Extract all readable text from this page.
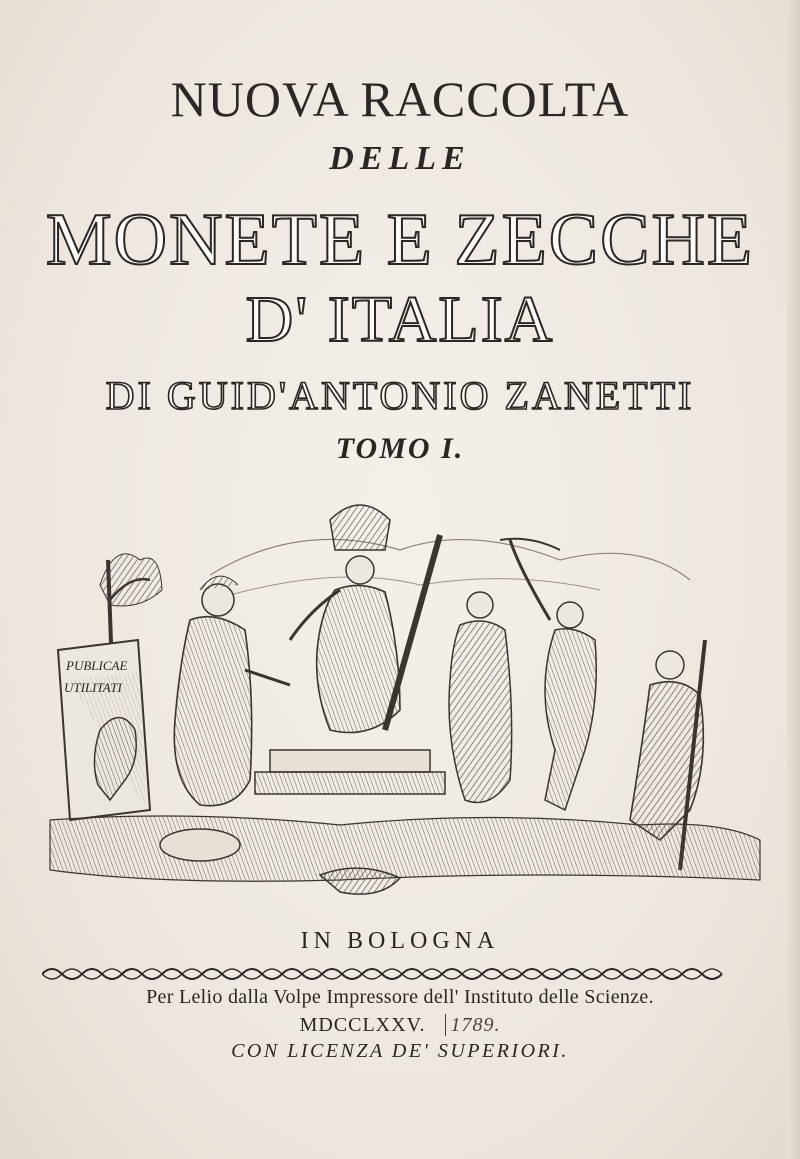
NUOVA RACCOLTA
DELLE
MONETE E ZECCHE
D' ITALIA
DI GUID'ANTONIO ZANETTI
TOMO I.
PUBLICAE
UTILITATI
IN BOLOGNA
Per Lelio dalla Volpe Impressore dell' Instituto delle Scienze.
MDCCLXXV. 1789.
CON LICENZA DE' SUPERIORI.
